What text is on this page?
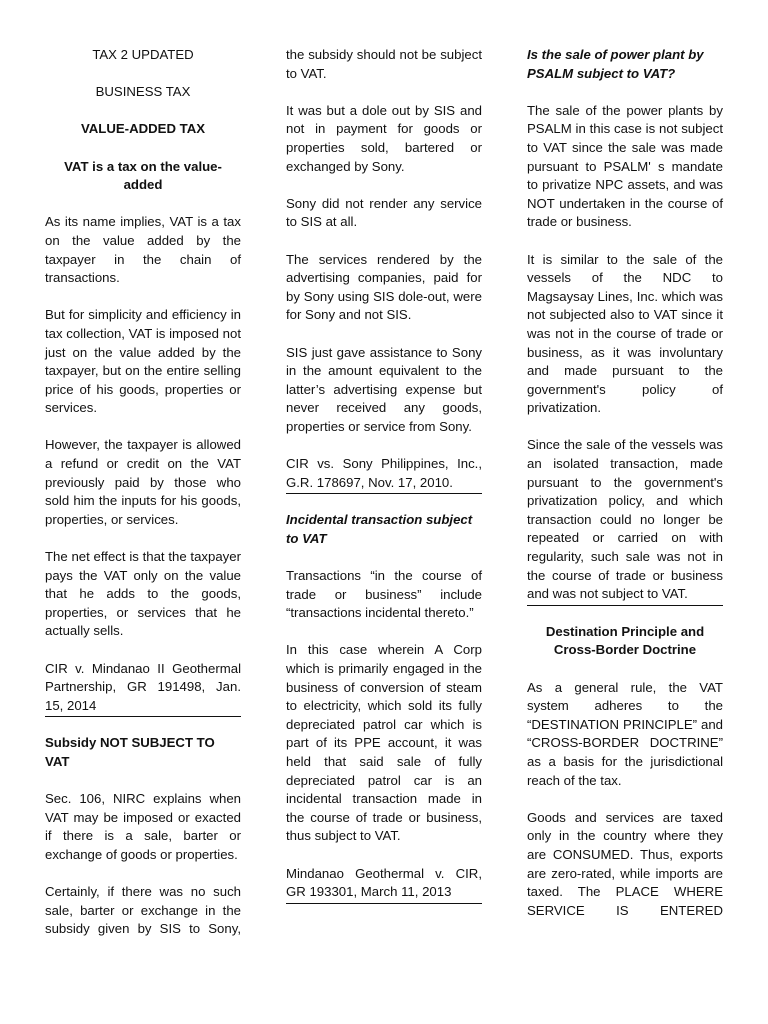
TAX 2 UPDATED

BUSINESS TAX

VALUE-ADDED TAX

VAT is a tax on the value-added

As its name implies, VAT is a tax on the value added by the taxpayer in the chain of transactions.

But for simplicity and efficiency in tax collection, VAT is imposed not just on the value added by the taxpayer, but on the entire selling price of his goods, properties or services.

However, the taxpayer is allowed a refund or credit on the VAT previously paid by those who sold him the inputs for his goods, properties, or services.

The net effect is that the taxpayer pays the VAT only on the value that he adds to the goods, properties, or services that he actually sells.

CIR v. Mindanao II Geothermal Partnership, GR 191498, Jan. 15, 2014

Subsidy NOT SUBJECT TO VAT

Sec. 106, NIRC explains when VAT may be imposed or exacted if there is a sale, barter or exchange of goods or properties.

Certainly, if there was no such sale, barter or exchange in the subsidy given by SIS to Sony,

the subsidy should not be subject to VAT.

It was but a dole out by SIS and not in payment for goods or properties sold, bartered or exchanged by Sony.

Sony did not render any service to SIS at all.

The services rendered by the advertising companies, paid for by Sony using SIS dole-out, were for Sony and not SIS.

SIS just gave assistance to Sony in the amount equivalent to the latter’s advertising expense but never received any goods, properties or service from Sony.

CIR vs. Sony Philippines, Inc., G.R. 178697, Nov. 17, 2010.

Incidental transaction subject to VAT

Transactions “in the course of trade or business” include “transactions incidental thereto.”

In this case wherein A Corp which is primarily engaged in the business of conversion of steam to electricity, which sold its fully depreciated patrol car which is part of its PPE account, it was held that said sale of fully depreciated patrol car is an incidental transaction made in the course of trade or business, thus subject to VAT.

Mindanao Geothermal v. CIR, GR 193301, March 11, 2013

Is the sale of power plant by PSALM subject to VAT?

The sale of the power plants by PSALM in this case is not subject to VAT since the sale was made pursuant to PSALM' s mandate to privatize NPC assets, and was NOT undertaken in the course of trade or business.

It is similar to the sale of the vessels of the NDC to Magsaysay Lines, Inc. which was not subjected also to VAT since it was not in the course of trade or business, as it was involuntary and made pursuant to the government's policy of privatization.

Since the sale of the vessels was an isolated transaction, made pursuant to the government's privatization policy, and which transaction could no longer be repeated or carried on with regularity, such sale was not in the course of trade or business and was not subject to VAT.

Destination Principle and Cross-Border Doctrine

As a general rule, the VAT system adheres to the “DESTINATION PRINCIPLE” and “CROSS-BORDER DOCTRINE” as a basis for the jurisdictional reach of the tax.

Goods and services are taxed only in the country where they are CONSUMED. Thus, exports are zero-rated, while imports are taxed. The PLACE WHERE SERVICE IS ENTERED
